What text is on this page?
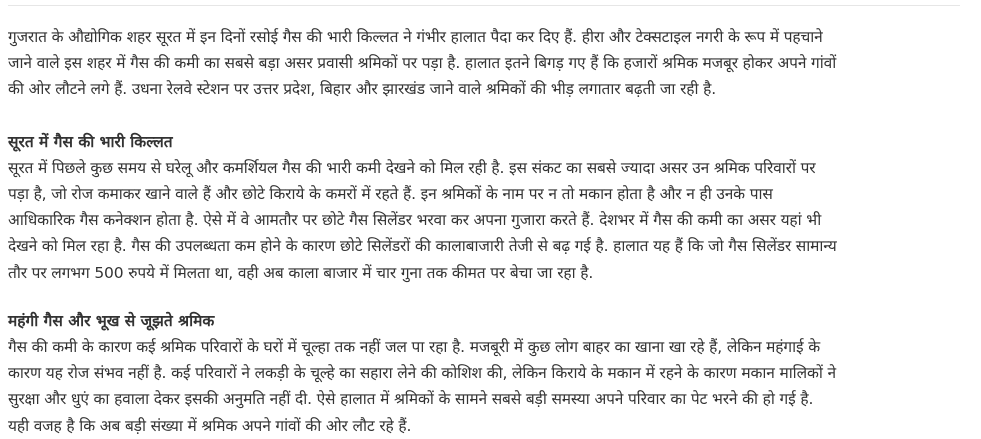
गुजरात के औद्योगिक शहर सूरत में इन दिनों रसोई गैस की भारी किल्लत ने गंभीर हालात पैदा कर दिए हैं. हीरा और टेक्सटाइल नगरी के रूप में पहचाने
जाने वाले इस शहर में गैस की कमी का सबसे बड़ा असर प्रवासी श्रमिकों पर पड़ा है. हालात इतने बिगड़ गए हैं कि हजारों श्रमिक मजबूर होकर अपने गांवों
की ओर लौटने लगे हैं. उधना रेलवे स्टेशन पर उत्तर प्रदेश, बिहार और झारखंड जाने वाले श्रमिकों की भीड़ लगातार बढ़ती जा रही है.

सूरत में गैस की भारी किल्लत

सूरत में पिछले कुछ समय से घरेलू और कमर्शियल गैस की भारी कमी देखने को मिल रही है. इस संकट का सबसे ज्यादा असर उन श्रमिक परिवारों पर
पड़ा है, जो रोज कमाकर खाने वाले हैं और छोटे किराये के कमरों में रहते हैं. इन श्रमिकों के नाम पर न तो मकान होता है और न ही उनके पास
आधिकारिक गैस कनेक्शन होता है. ऐसे में वे आमतौर पर छोटे गैस सिलेंडर भरवा कर अपना गुजारा करते हैं. देशभर में गैस की कमी का असर यहां भी
देखने को मिल रहा है. गैस की उपलब्धता कम होने के कारण छोटे सिलेंडरों की कालाबाजारी तेजी से बढ़ गई है. हालात यह हैं कि जो गैस सिलेंडर सामान्य
तौर पर लगभग 500 रुपये में मिलता था, वही अब काला बाजार में चार गुना तक कीमत पर बेचा जा रहा है.

महंगी गैस और भूख से जूझते श्रमिक

गैस की कमी के कारण कई श्रमिक परिवारों के घरों में चूल्हा तक नहीं जल पा रहा है. मजबूरी में कुछ लोग बाहर का खाना खा रहे हैं, लेकिन महंगाई के
कारण यह रोज संभव नहीं है. कई परिवारों ने लकड़ी के चूल्हे का सहारा लेने की कोशिश की, लेकिन किराये के मकान में रहने के कारण मकान मालिकों ने
सुरक्षा और धुएं का हवाला देकर इसकी अनुमति नहीं दी. ऐसे हालात में श्रमिकों के सामने सबसे बड़ी समस्या अपने परिवार का पेट भरने की हो गई है.
यही वजह है कि अब बड़ी संख्या में श्रमिक अपने गांवों की ओर लौट रहे हैं.
